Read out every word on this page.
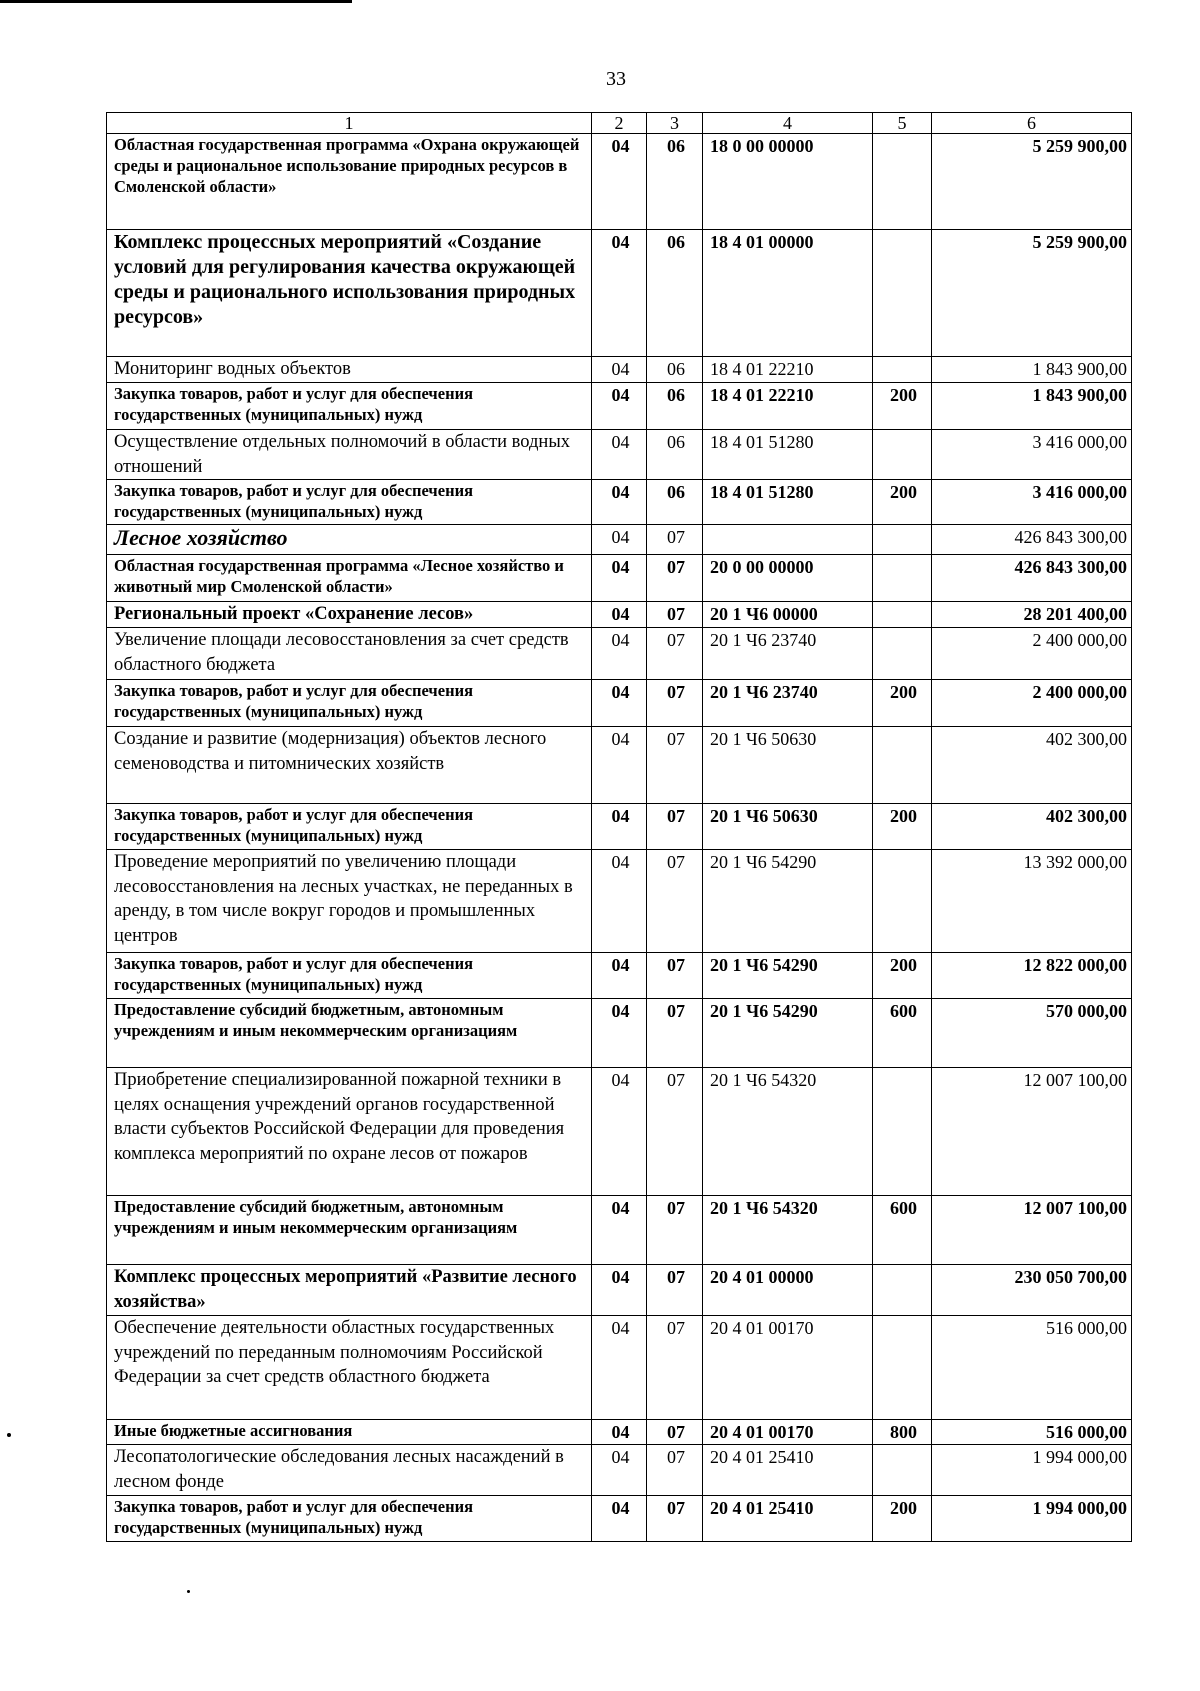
33
1	2	3	4	5	6
Областная государственная программа «Охрана окружающей среды и рациональное использование природных ресурсов в Смоленской области»	04	06	18 0 00 00000		5 259 900,00
Комплекс процессных мероприятий «Создание условий для регулирования качества окружающей среды и рационального использования природных ресурсов»	04	06	18 4 01 00000		5 259 900,00
Мониторинг водных объектов	04	06	18 4 01 22210		1 843 900,00
Закупка товаров, работ и услуг для обеспечения государственных (муниципальных) нужд	04	06	18 4 01 22210	200	1 843 900,00
Осуществление отдельных полномочий в области водных отношений	04	06	18 4 01 51280		3 416 000,00
Закупка товаров, работ и услуг для обеспечения государственных (муниципальных) нужд	04	06	18 4 01 51280	200	3 416 000,00
Лесное хозяйство	04	07			426 843 300,00
Областная государственная программа «Лесное хозяйство и животный мир Смоленской области»	04	07	20 0 00 00000		426 843 300,00
Региональный проект «Сохранение лесов»	04	07	20 1 Ч6 00000		28 201 400,00
Увеличение площади лесовосстановления за счет средств областного бюджета	04	07	20 1 Ч6 23740		2 400 000,00
Закупка товаров, работ и услуг для обеспечения государственных (муниципальных) нужд	04	07	20 1 Ч6 23740	200	2 400 000,00
Создание и развитие (модернизация) объектов лесного семеноводства и питомнических хозяйств	04	07	20 1 Ч6 50630		402 300,00
Закупка товаров, работ и услуг для обеспечения государственных (муниципальных) нужд	04	07	20 1 Ч6 50630	200	402 300,00
Проведение мероприятий по увеличению площади лесовосстановления на лесных участках, не переданных в аренду, в том числе вокруг городов и промышленных центров	04	07	20 1 Ч6 54290		13 392 000,00
Закупка товаров, работ и услуг для обеспечения государственных (муниципальных) нужд	04	07	20 1 Ч6 54290	200	12 822 000,00
Предоставление субсидий бюджетным, автономным учреждениям и иным некоммерческим организациям	04	07	20 1 Ч6 54290	600	570 000,00
Приобретение специализированной пожарной техники в целях оснащения учреждений органов государственной власти субъектов Российской Федерации для проведения комплекса мероприятий по охране лесов от пожаров	04	07	20 1 Ч6 54320		12 007 100,00
Предоставление субсидий бюджетным, автономным учреждениям и иным некоммерческим организациям	04	07	20 1 Ч6 54320	600	12 007 100,00
Комплекс процессных мероприятий «Развитие лесного хозяйства»	04	07	20 4 01 00000		230 050 700,00
Обеспечение деятельности областных государственных учреждений по переданным полномочиям Российской Федерации за счет средств областного бюджета	04	07	20 4 01 00170		516 000,00
Иные бюджетные ассигнования	04	07	20 4 01 00170	800	516 000,00
Лесопатологические обследования лесных насаждений в лесном фонде	04	07	20 4 01 25410		1 994 000,00
Закупка товаров, работ и услуг для обеспечения государственных (муниципальных) нужд	04	07	20 4 01 25410	200	1 994 000,00
